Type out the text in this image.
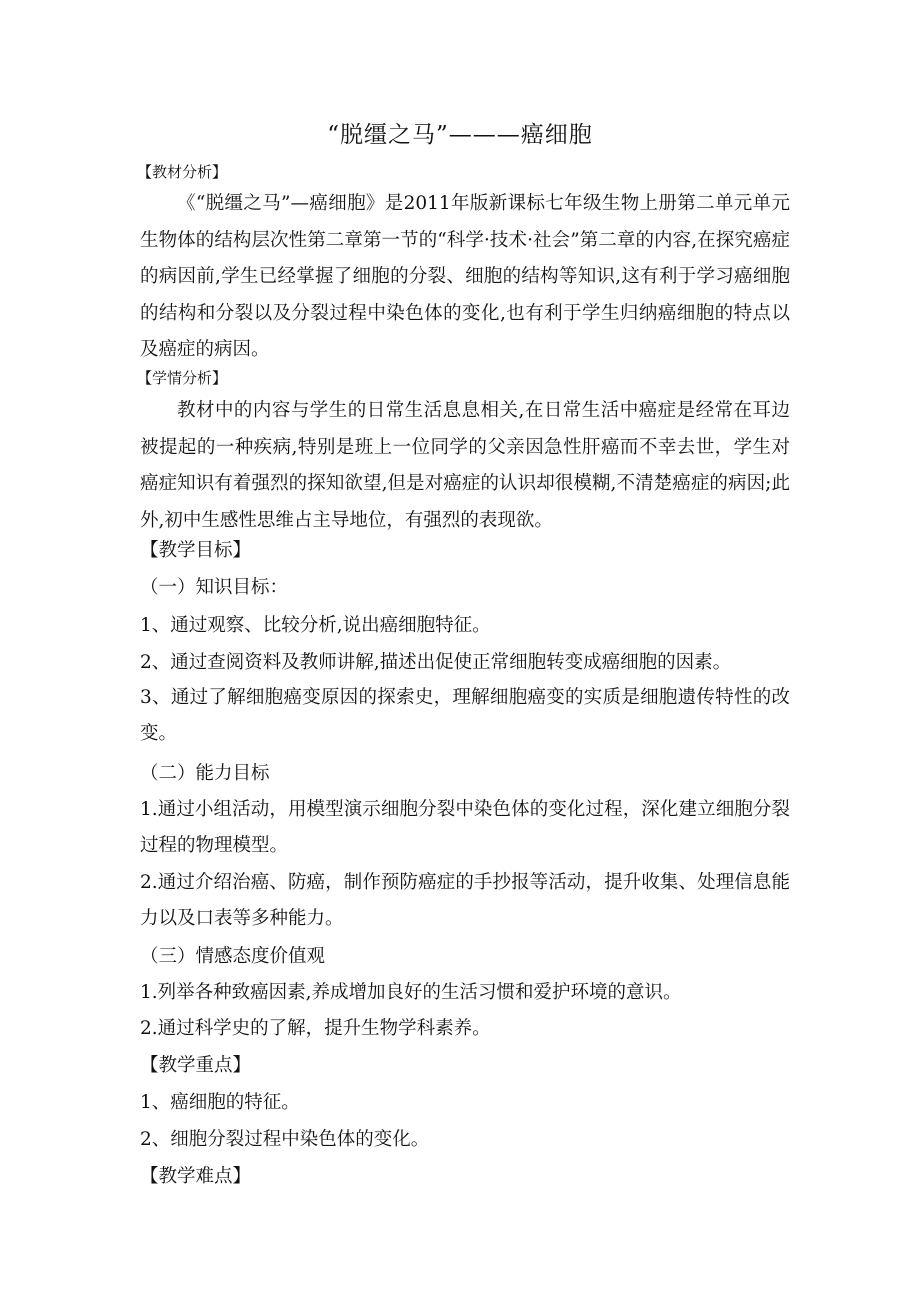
“脱缰之马”———癌细胞
【教材分析】
《“脱缰之马”—癌细胞》是2011年版新课标七年级生物上册第二单元单元生物体的结构层次性第二章第一节的“科学·技术·社会”第二章的内容,在探究癌症的病因前,学生已经掌握了细胞的分裂、细胞的结构等知识,这有利于学习癌细胞的结构和分裂以及分裂过程中染色体的变化,也有利于学生归纳癌细胞的特点以及癌症的病因。
【学情分析】
教材中的内容与学生的日常生活息息相关,在日常生活中癌症是经常在耳边被提起的一种疾病,特别是班上一位同学的父亲因急性肝癌而不幸去世，学生对癌症知识有着强烈的探知欲望,但是对癌症的认识却很模糊,不清楚癌症的病因;此外,初中生感性思维占主导地位，有强烈的表现欲。
【教学目标】
（一）知识目标：
1、通过观察、比较分析,说出癌细胞特征。
2、通过查阅资料及教师讲解,描述出促使正常细胞转变成癌细胞的因素。
3、通过了解细胞癌变原因的探索史，理解细胞癌变的实质是细胞遗传特性的改变。
（二）能力目标
1.通过小组活动，用模型演示细胞分裂中染色体的变化过程，深化建立细胞分裂过程的物理模型。
2.通过介绍治癌、防癌，制作预防癌症的手抄报等活动，提升收集、处理信息能力以及口表等多种能力。
（三）情感态度价值观
1.列举各种致癌因素,养成增加良好的生活习惯和爱护环境的意识。
2.通过科学史的了解，提升生物学科素养。
【教学重点】
1、癌细胞的特征。
2、细胞分裂过程中染色体的变化。
【教学难点】
